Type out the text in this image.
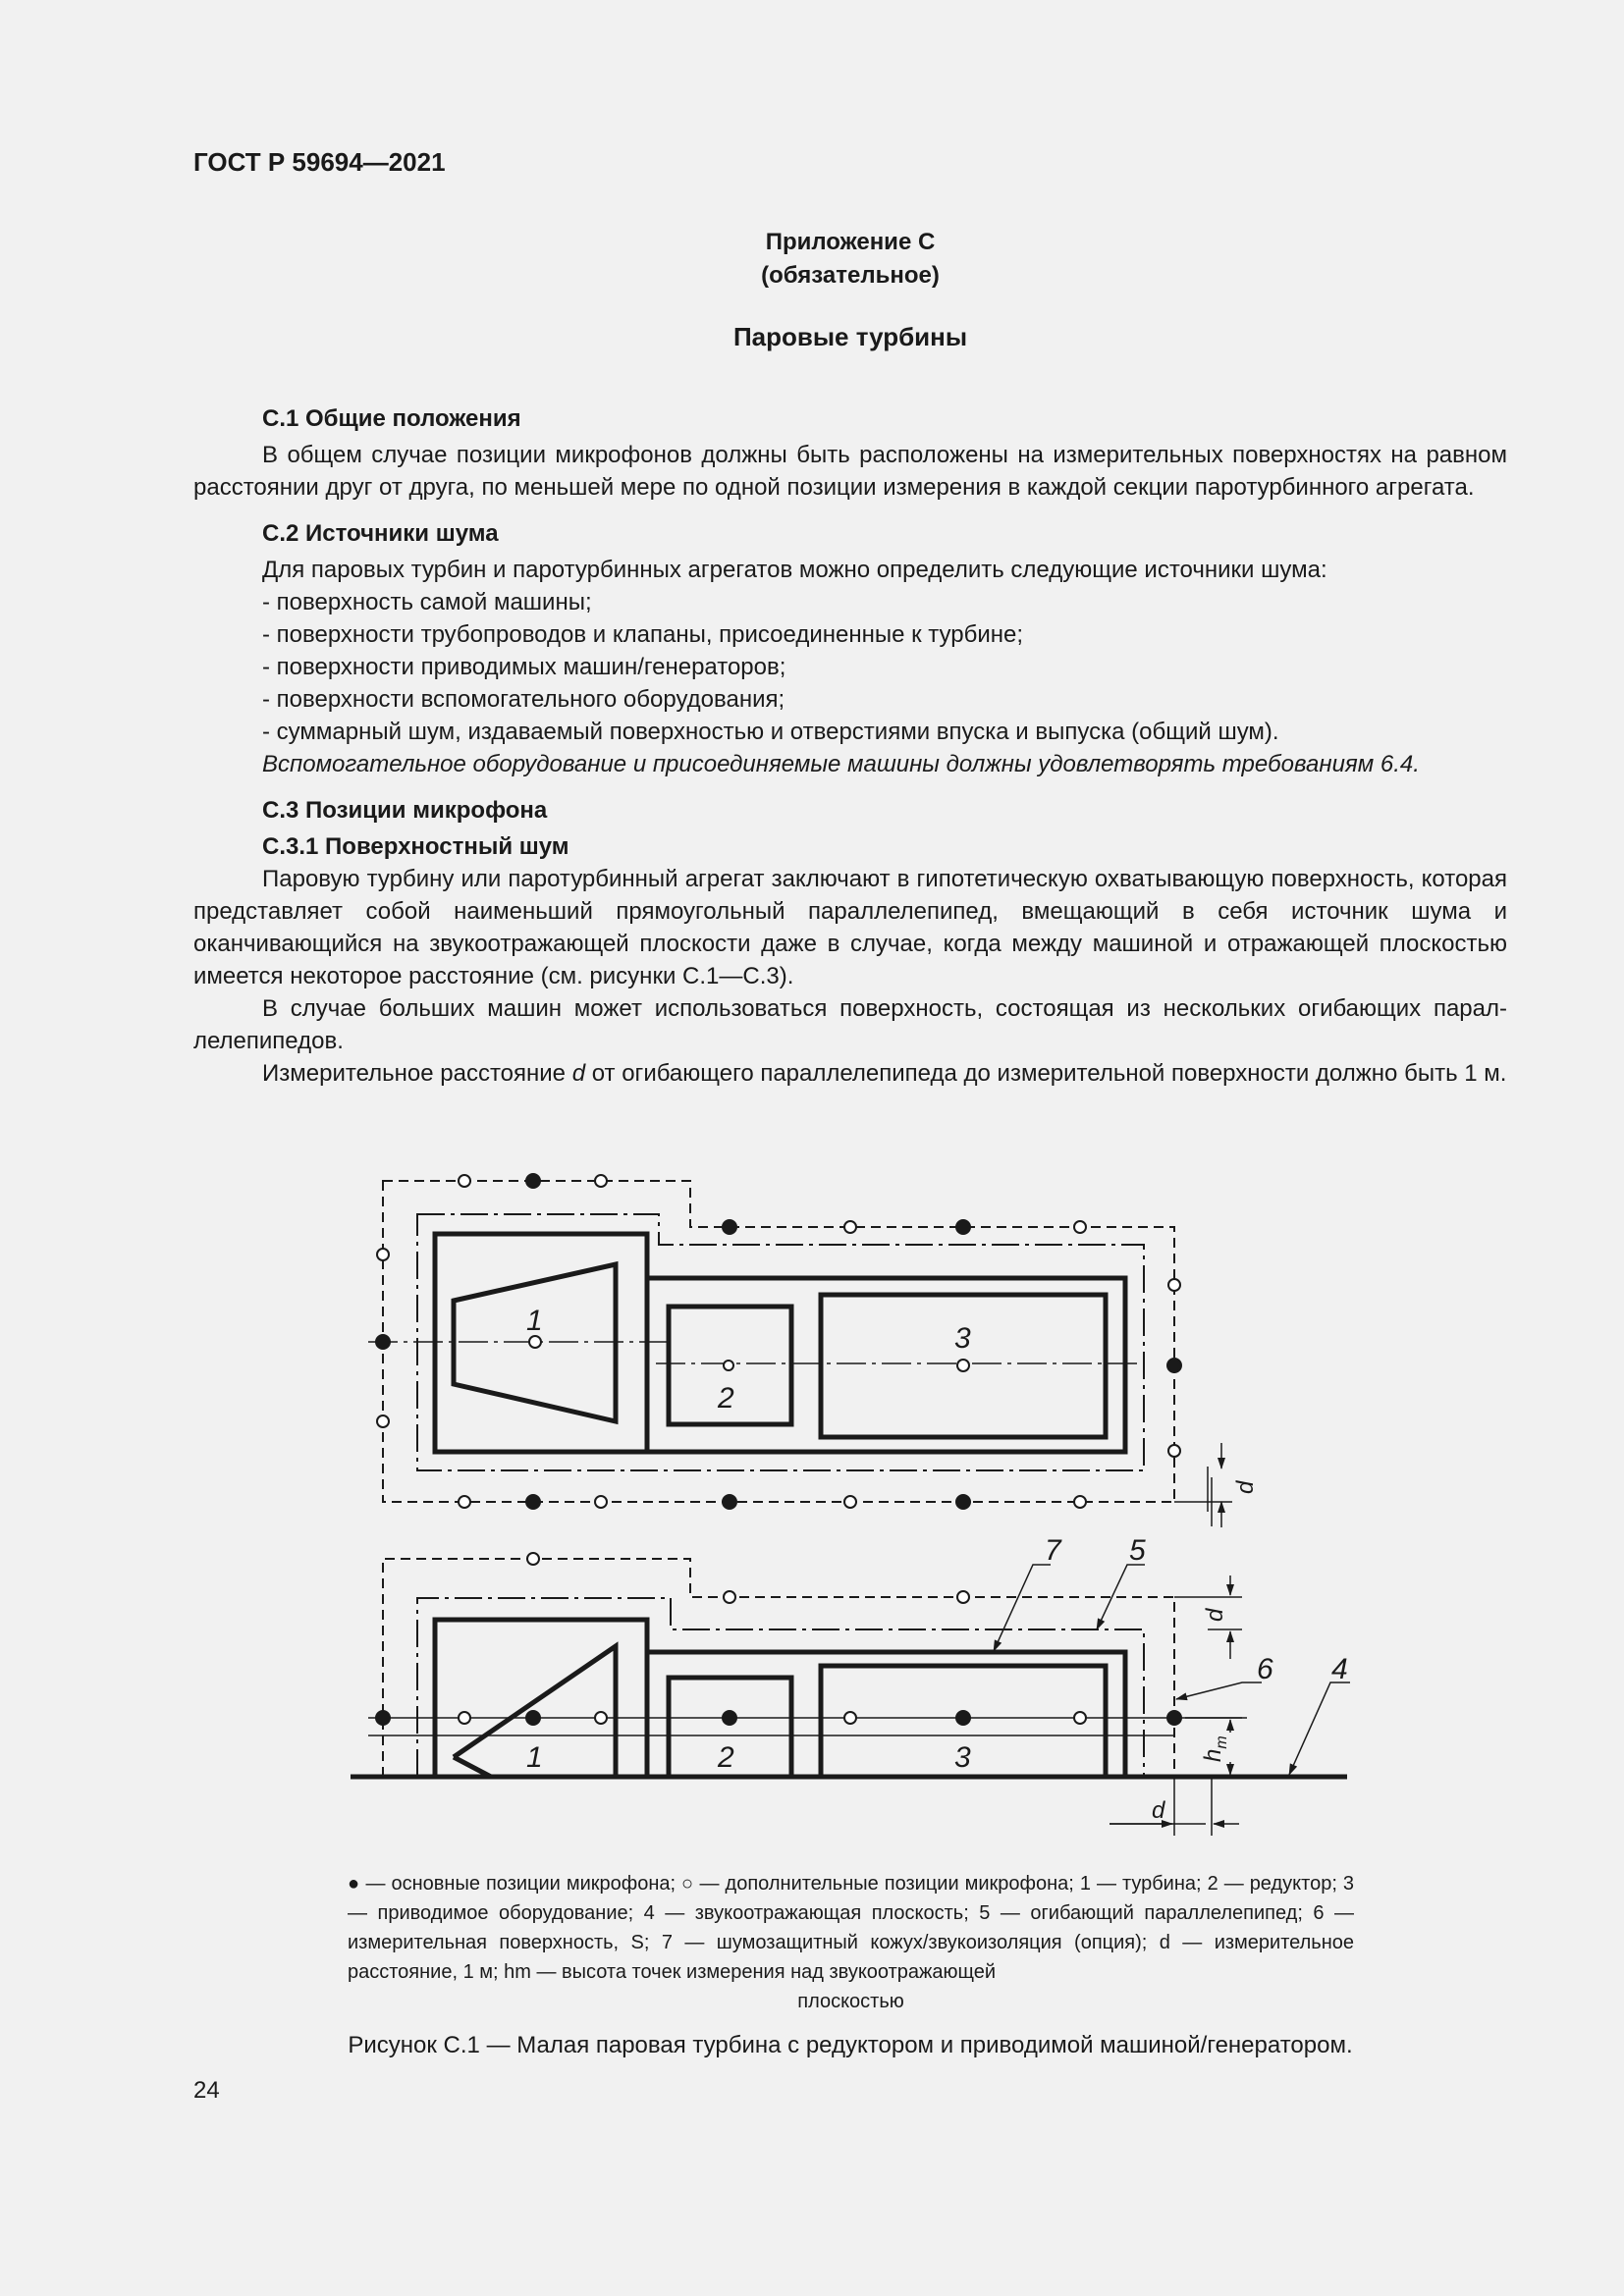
ГОСТ Р 59694—2021
Приложение С
(обязательное)
Паровые турбины
С.1 Общие положения

В общем случае позиции микрофонов должны быть расположены на измерительных поверхностях на равном расстоянии друг от друга, по меньшей мере по одной позиции измерения в каждой секции паротурбинного агрегата.

С.2 Источники шума
Для паровых турбин и паротурбинных агрегатов можно определить следующие источники шума:
- поверхность самой машины;
- поверхности трубопроводов и клапаны, присоединенные к турбине;
- поверхности приводимых машин/генераторов;
- поверхности вспомогательного оборудования;
- суммарный шум, издаваемый поверхностью и отверстиями впуска и выпуска (общий шум).
Вспомогательное оборудование и присоединяемые машины должны удовлетворять требованиям 6.4.
С.3 Позиции микрофона
С.3.1 Поверхностный шум

Паровую турбину или паротурбинный агрегат заключают в гипотетическую охватывающую поверхность, которая представляет собой наименьший прямоугольный параллелепипед, вмещающий в себя источник шума и оканчивающийся на звукоотражающей плоскости даже в случае, когда между машиной и отражающей плоскостью имеется некоторое расстояние (см. рисунки С.1—С.3).

В случае больших машин может использоваться поверхность, состоящая из нескольких огибающих параллелепипедов.

Измерительное расстояние d от огибающего параллелепипеда до измерительной поверхности должно быть 1 м.

1
2
3
1	2	3
4
5
6
7
d
d
d
$h_m$
● — основные позиции микрофона; ○ — дополнительные позиции микрофона; 1 — турбина; 2 — редуктор; 3 — приводимое оборудование; 4 — звукоотражающая плоскость; 5 — огибающий параллелепипед; 6 — измерительная поверхность, S; 7 — шумозащитный кожух/звукоизоляция (опция); d — измерительное расстояние, 1 м; hm — высота точек измерения над звукоотражающей
плоскостью
Рисунок С.1 — Малая паровая турбина с редуктором и приводимой машиной/генератором.
24
